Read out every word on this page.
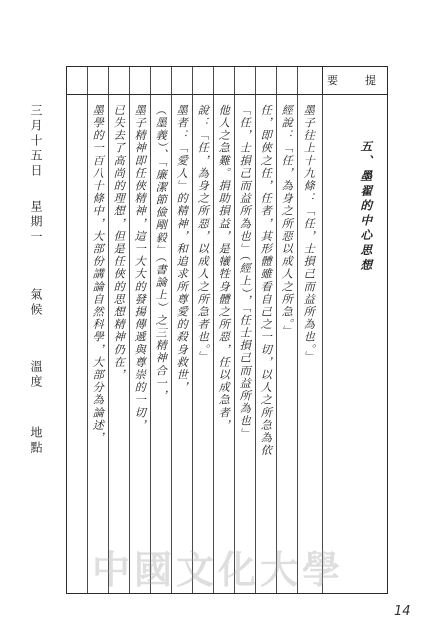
要　提
三月十五日
星期一
氣候
溫度
地點
五、墨翟的中心思想
墨子往上十九條：「任，士損己而益所為也。」
經說：「任，為身之所惡以成人之所急。」
任，即俠之任，任者，其形體雖看自己之一切，以人之所急為依
「任，士損己而益所為也」（經上），「任士損己而益所為也」
他人之急難。捐助損益，是犧牲身體之所惡，任以成急者，
說：「任，為身之所惡，以成人之所急者也。」
墨者：「愛人」的精神，和追求所尊愛的殺身救世，
（墨義）、「廉潔節儉剛毅」（書論上）之三精神合一，
墨子精神即任俠精神，這一大大的發揚傳遞與尊崇的一切，
已失去了高尚的理想，但是任俠的思想精神仍在，
墨學的一百八十條中，大部份講論自然科學，大部分為論述，
中國文化大學
14
